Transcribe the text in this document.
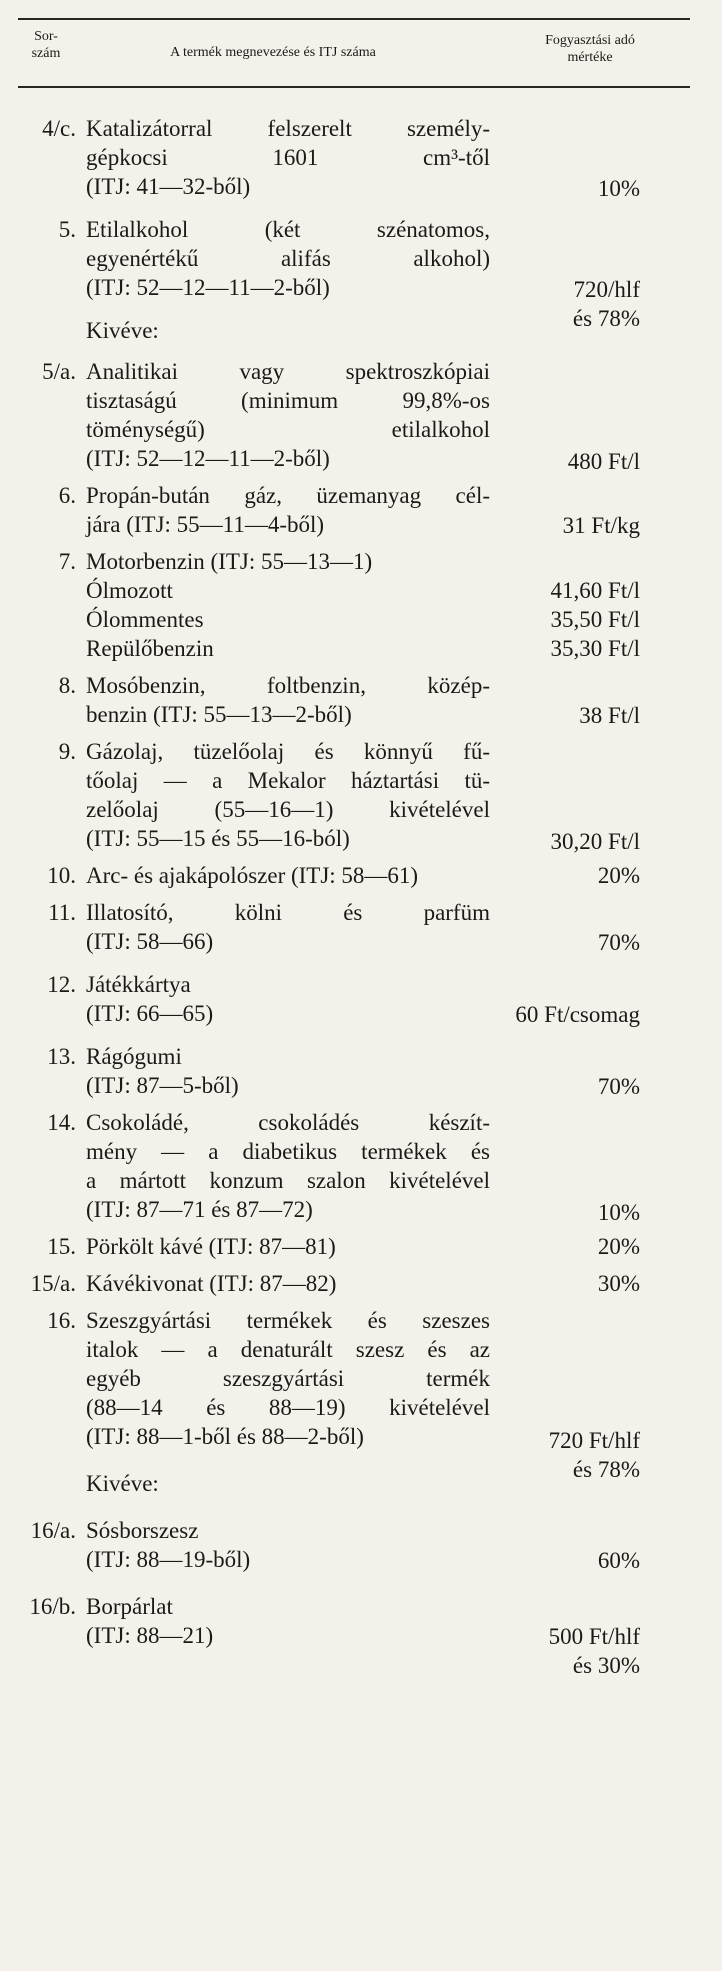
Sor-
szám	A termék megnevezése és ITJ száma
Fogyasztási adó
mértéke
4/c. Katalizátorral felszerelt személy-
gépkocsi 1601 cm³-től
(ITJ: 41—32-ből)	10%
5. Etilalkohol (két szénatomos,
egyenértékű alifás alkohol)
(ITJ: 52—12—11—2-ből)	720/hlf
és 78%
Kivéve:
5/a. Analitikai vagy spektroszkópiai
tisztaságú (minimum 99,8%-os
töménységű) etilalkohol
(ITJ: 52—12—11—2-ből)	480 Ft/l
6. Propán-bután gáz, üzemanyag cél-
jára (ITJ: 55—11—4-ből)	31 Ft/kg
7. Motorbenzin (ITJ: 55—13—1)
Ólmozott	41,60 Ft/l
Ólommentes	35,50 Ft/l
Repülőbenzin	35,30 Ft/l
8. Mosóbenzin, foltbenzin, közép-
benzin (ITJ: 55—13—2-ből)	38 Ft/l
9. Gázolaj, tüzelőolaj és könnyű fű-
tőolaj — a Mekalor háztartási tü-
zelőolaj (55—16—1) kivételével
(ITJ: 55—15 és 55—16-ból)	30,20 Ft/l
10. Arc- és ajakápolószer (ITJ: 58—61)	20%
11. Illatosító, kölni és parfüm
(ITJ: 58—66)	70%
12. Játékkártya
(ITJ: 66—65)	60 Ft/csomag
13. Rágógumi
(ITJ: 87—5-ből)	70%
14. Csokoládé, csokoládés készít-
mény — a diabetikus termékek és
a mártott konzum szalon kivételével
(ITJ: 87—71 és 87—72)	10%
15. Pörkölt kávé (ITJ: 87—81)	20%
15/a. Kávékivonat (ITJ: 87—82)	30%
16. Szeszgyártási termékek és szeszes
italok — a denaturált szesz és az
egyéb szeszgyártási termék
(88—14 és 88—19) kivételével
(ITJ: 88—1-ből és 88—2-ből)	720 Ft/hlf
és 78%
Kivéve:
16/a. Sósborszesz
(ITJ: 88—19-ből)	60%
16/b. Borpárlat
(ITJ: 88—21)	500 Ft/hlf
és 30%
